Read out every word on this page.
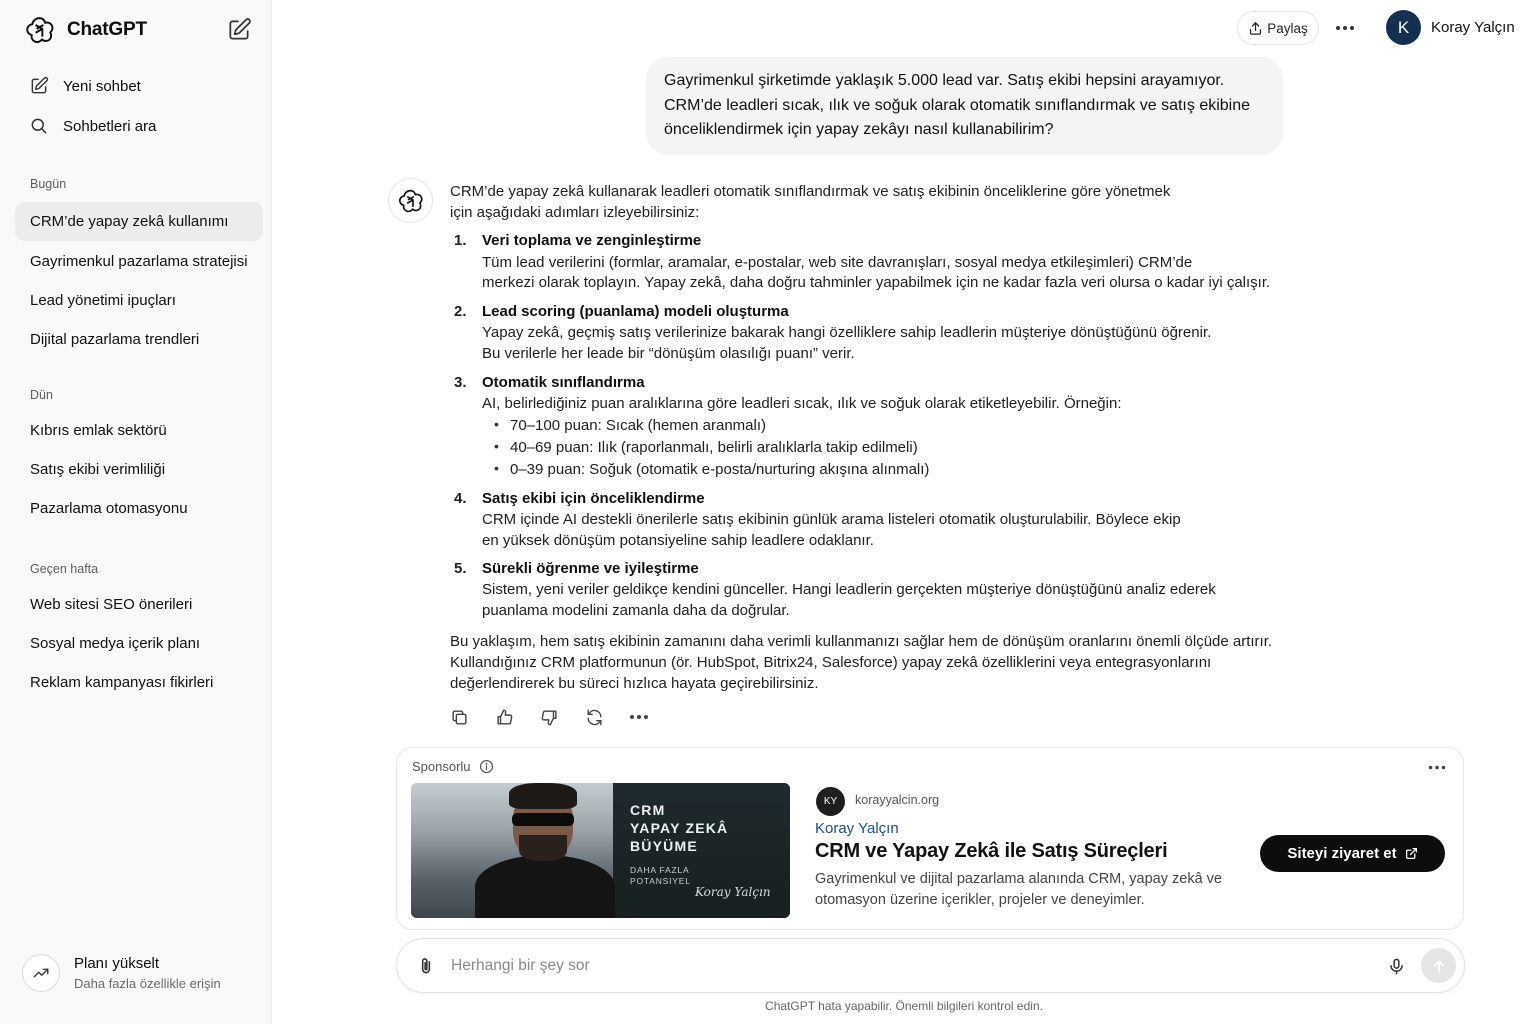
ChatGPT
Yeni sohbet
Sohbetleri ara
Bugün
CRM’de yapay zekâ kullanımı
Gayrimenkul pazarlama stratejisi
Lead yönetimi ipuçları
Dijital pazarlama trendleri
Dün
Kıbrıs emlak sektörü
Satış ekibi verimliliği
Pazarlama otomasyonu
Geçen hafta
Web sitesi SEO önerileri
Sosyal medya içerik planı
Reklam kampanyası fikirleri
Planı yükselt
Daha fazla özellikle erişin
Paylaş	K	Koray Yalçın
Gayrimenkul şirketimde yaklaşık 5.000 lead var. Satış ekibi hepsini arayamıyor.
CRM’de leadleri sıcak, ılık ve soğuk olarak otomatik sınıflandırmak ve satış ekibine
önceliklendirmek için yapay zekâyı nasıl kullanabilirim?
CRM’de yapay zekâ kullanarak leadleri otomatik sınıflandırmak ve satış ekibinin önceliklerine göre yönetmek
için aşağıdaki adımları izleyebilirsiniz:
1. Veri toplama ve zenginleştirme
Tüm lead verilerini (formlar, aramalar, e-postalar, web site davranışları, sosyal medya etkileşimleri) CRM’de
merkezi olarak toplayın. Yapay zekâ, daha doğru tahminler yapabilmek için ne kadar fazla veri olursa o kadar iyi çalışır.
2. Lead scoring (puanlama) modeli oluşturma
Yapay zekâ, geçmiş satış verilerinize bakarak hangi özelliklere sahip leadlerin müşteriye dönüştüğünü öğrenir.
Bu verilerle her leade bir “dönüşüm olasılığı puanı” verir.
3. Otomatik sınıflandırma
AI, belirlediğiniz puan aralıklarına göre leadleri sıcak, ılık ve soğuk olarak etiketleyebilir. Örneğin:
• 70–100 puan: Sıcak (hemen aranmalı)
• 40–69 puan: Ilık (raporlanmalı, belirli aralıklarla takip edilmeli)
• 0–39 puan: Soğuk (otomatik e-posta/nurturing akışına alınmalı)
4. Satış ekibi için önceliklendirme
CRM içinde AI destekli önerilerle satış ekibinin günlük arama listeleri otomatik oluşturulabilir. Böylece ekip
en yüksek dönüşüm potansiyeline sahip leadlere odaklanır.
5. Sürekli öğrenme ve iyileştirme
Sistem, yeni veriler geldikçe kendini günceller. Hangi leadlerin gerçekten müşteriye dönüştüğünü analiz ederek
puanlama modelini zamanla daha da doğrular.
Bu yaklaşım, hem satış ekibinin zamanını daha verimli kullanmanızı sağlar hem de dönüşüm oranlarını önemli ölçüde artırır.
Kullandığınız CRM platformunun (ör. HubSpot, Bitrix24, Salesforce) yapay zekâ özelliklerini veya entegrasyonlarını
değerlendirerek bu süreci hızlıca hayata geçirebilirsiniz.
Sponsorlu
CRM
YAPAY ZEKÂ
BÜYÜME
DAHA FAZLA
POTANSIYEL
Koray Yalçın
KY	korayyalcin.org
Koray Yalçın
CRM ve Yapay Zekâ ile Satış Süreçleri
Gayrimenkul ve dijital pazarlama alanında CRM, yapay zekâ ve otomasyon üzerine içerikler, projeler ve deneyimler.
Siteyi ziyaret et
Herhangi bir şey sor
ChatGPT hata yapabilir. Önemli bilgileri kontrol edin.
